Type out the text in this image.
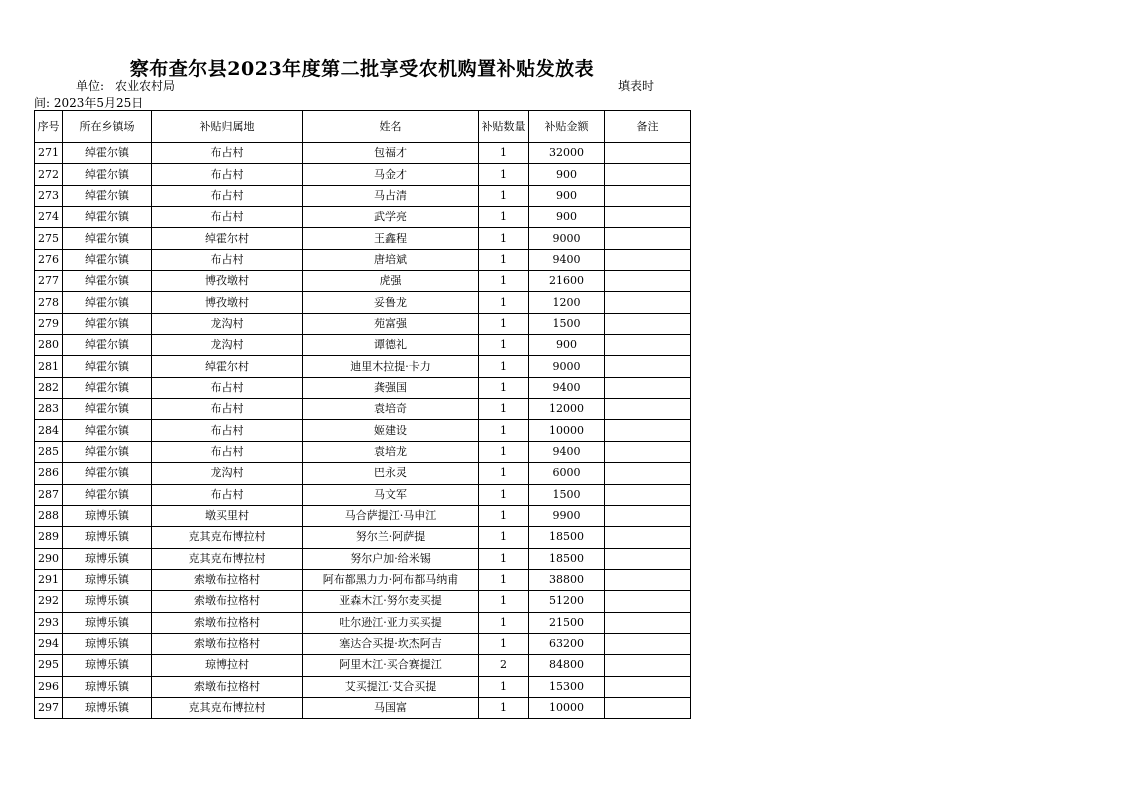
察布查尔县2023年度第二批享受农机购置补贴发放表
单位: 农业农村局	填表时
间: 2023年5月25日
序号	所在乡镇场	补贴归属地	姓名	补贴数量	补贴金额	备注
271	绰霍尔镇	布占村	包福才	1	32000	
272	绰霍尔镇	布占村	马金才	1	900	
273	绰霍尔镇	布占村	马占清	1	900	
274	绰霍尔镇	布占村	武学亮	1	900	
275	绰霍尔镇	绰霍尔村	王鑫程	1	9000	
276	绰霍尔镇	布占村	唐培斌	1	9400	
277	绰霍尔镇	博孜墩村	虎强	1	21600	
278	绰霍尔镇	博孜墩村	妥鲁龙	1	1200	
279	绰霍尔镇	龙沟村	苑富强	1	1500	
280	绰霍尔镇	龙沟村	谭德礼	1	900	
281	绰霍尔镇	绰霍尔村	迪里木拉提·卡力	1	9000	
282	绰霍尔镇	布占村	龚强国	1	9400	
283	绰霍尔镇	布占村	袁培奇	1	12000	
284	绰霍尔镇	布占村	姬建设	1	10000	
285	绰霍尔镇	布占村	袁培龙	1	9400	
286	绰霍尔镇	龙沟村	巴永灵	1	6000	
287	绰霍尔镇	布占村	马文军	1	1500	
288	琼博乐镇	墩买里村	马合萨提江·马申江	1	9900	
289	琼博乐镇	克其克布博拉村	努尔兰·阿萨提	1	18500	
290	琼博乐镇	克其克布博拉村	努尔户加·给米锡	1	18500	
291	琼博乐镇	索墩布拉格村	阿布都黑力力·阿布都马纳甫	1	38800	
292	琼博乐镇	索墩布拉格村	亚森木江·努尔麦买提	1	51200	
293	琼博乐镇	索墩布拉格村	吐尔逊江·亚力买买提	1	21500	
294	琼博乐镇	索墩布拉格村	塞达合买提·坎杰阿吉	1	63200	
295	琼博乐镇	琼博拉村	阿里木江·买合赛提江	2	84800	
296	琼博乐镇	索墩布拉格村	艾买提江·艾合买提	1	15300	
297	琼博乐镇	克其克布博拉村	马国富	1	10000	
